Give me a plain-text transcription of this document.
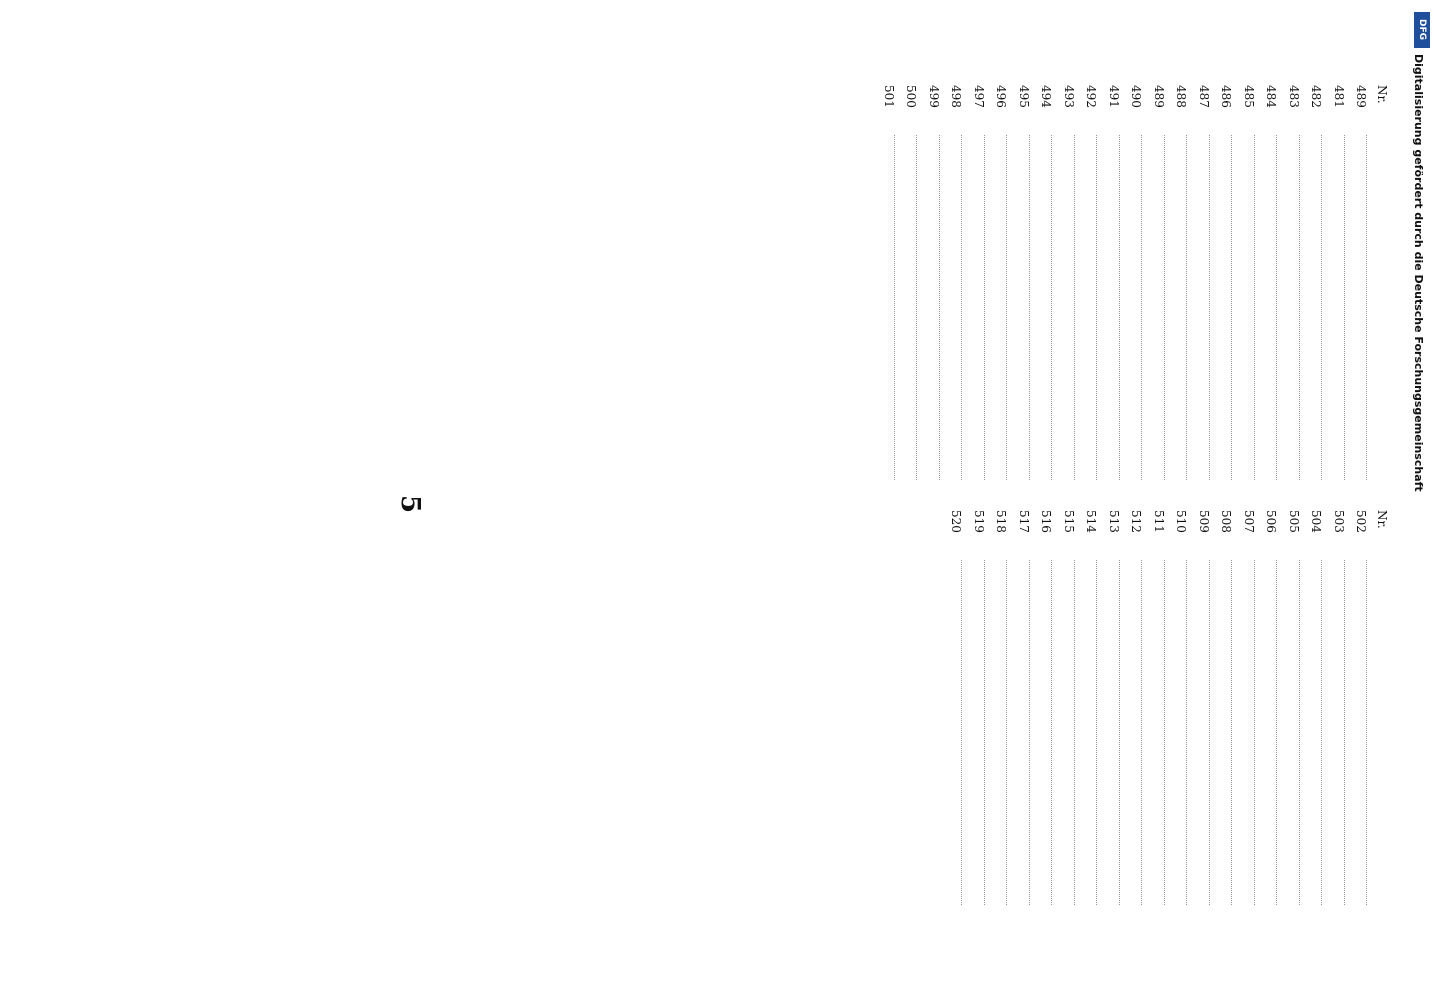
Nr.
489
481
482
483
484
485
486
487
488
489
490
491
492
493
494
495
496
497
498
499
500
501
Nr.
502
503
504
505
506
507
508
509
510
511
512
513
514
515
516
517
518
519
520
5
DFG
Digitalisierung gefördert durch die Deutsche Forschungsgemeinschaft
